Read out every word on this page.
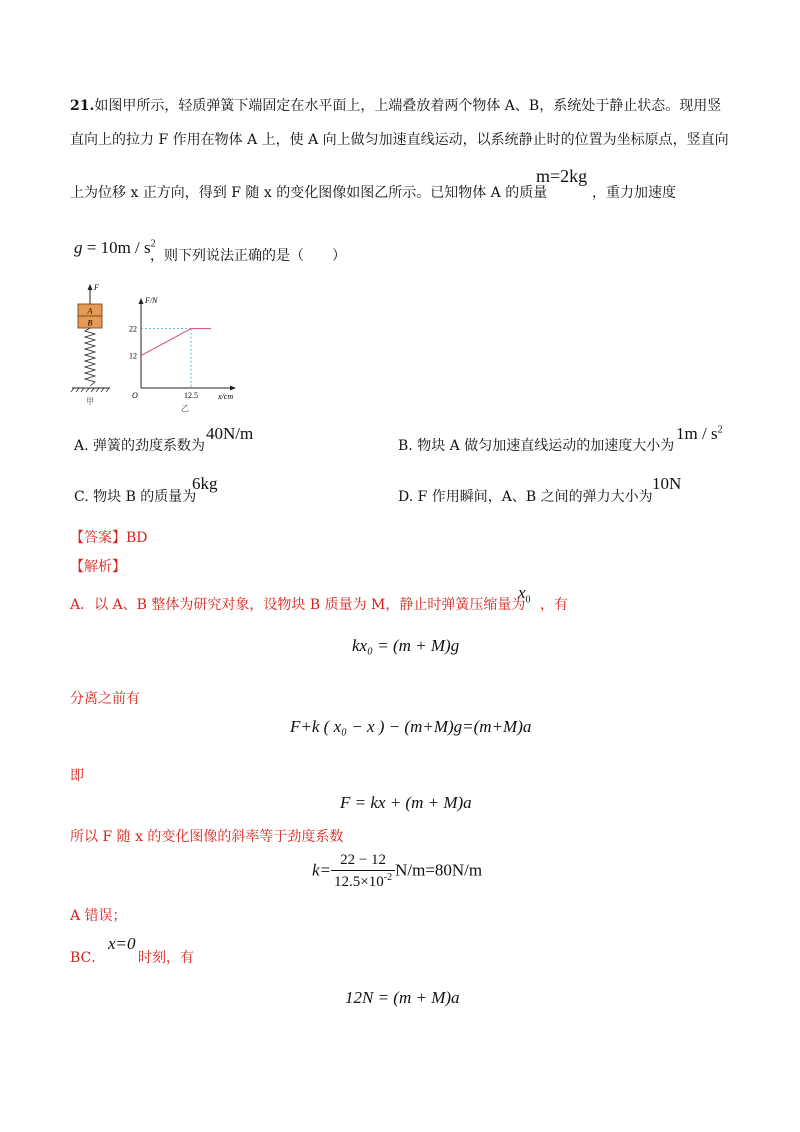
21.如图甲所示，轻质弹簧下端固定在水平面上，上端叠放着两个物体 A、B，系统处于静止状态。现用竖
直向上的拉力 F 作用在物体 A 上，使 A 向上做匀加速直线运动，以系统静止时的位置为坐标原点，竖直向
上为位移 x 正方向，得到 F 随 x 的变化图像如图乙所示。已知物体 A 的质量
m=2kg
，重力加速度
$g = 10m / s^2$
，则下列说法正确的是（　　）
F
A
B
甲
F/N
x/cm
O
22
12
12.5
乙
A. 弹簧的劲度系数为
40N/m
B. 物块 A 做匀加速直线运动的加速度大小为
$1m / s^2$
C. 物块 B 的质量为
6kg
D. F 作用瞬间，A、B 之间的弹力大小为
10N
【答案】BD
【解析】
A．以 A、B 整体为研究对象，设物块 B 质量为 M，静止时弹簧压缩量为
$x_0$ ，有
kx₀ = (m + M)g
分离之前有
F+k ( x₀ − x ) − (m+M)g=(m+M)a
即
F = kx + (m + M)a
所以 F 随 x 的变化图像的斜率等于劲度系数
$k= \frac{22 - 12}{12.5\times 10^{-2}} N/m=80N/m$
A 错误；
BC．
x=0
时刻，有
12N = (m + M)a
